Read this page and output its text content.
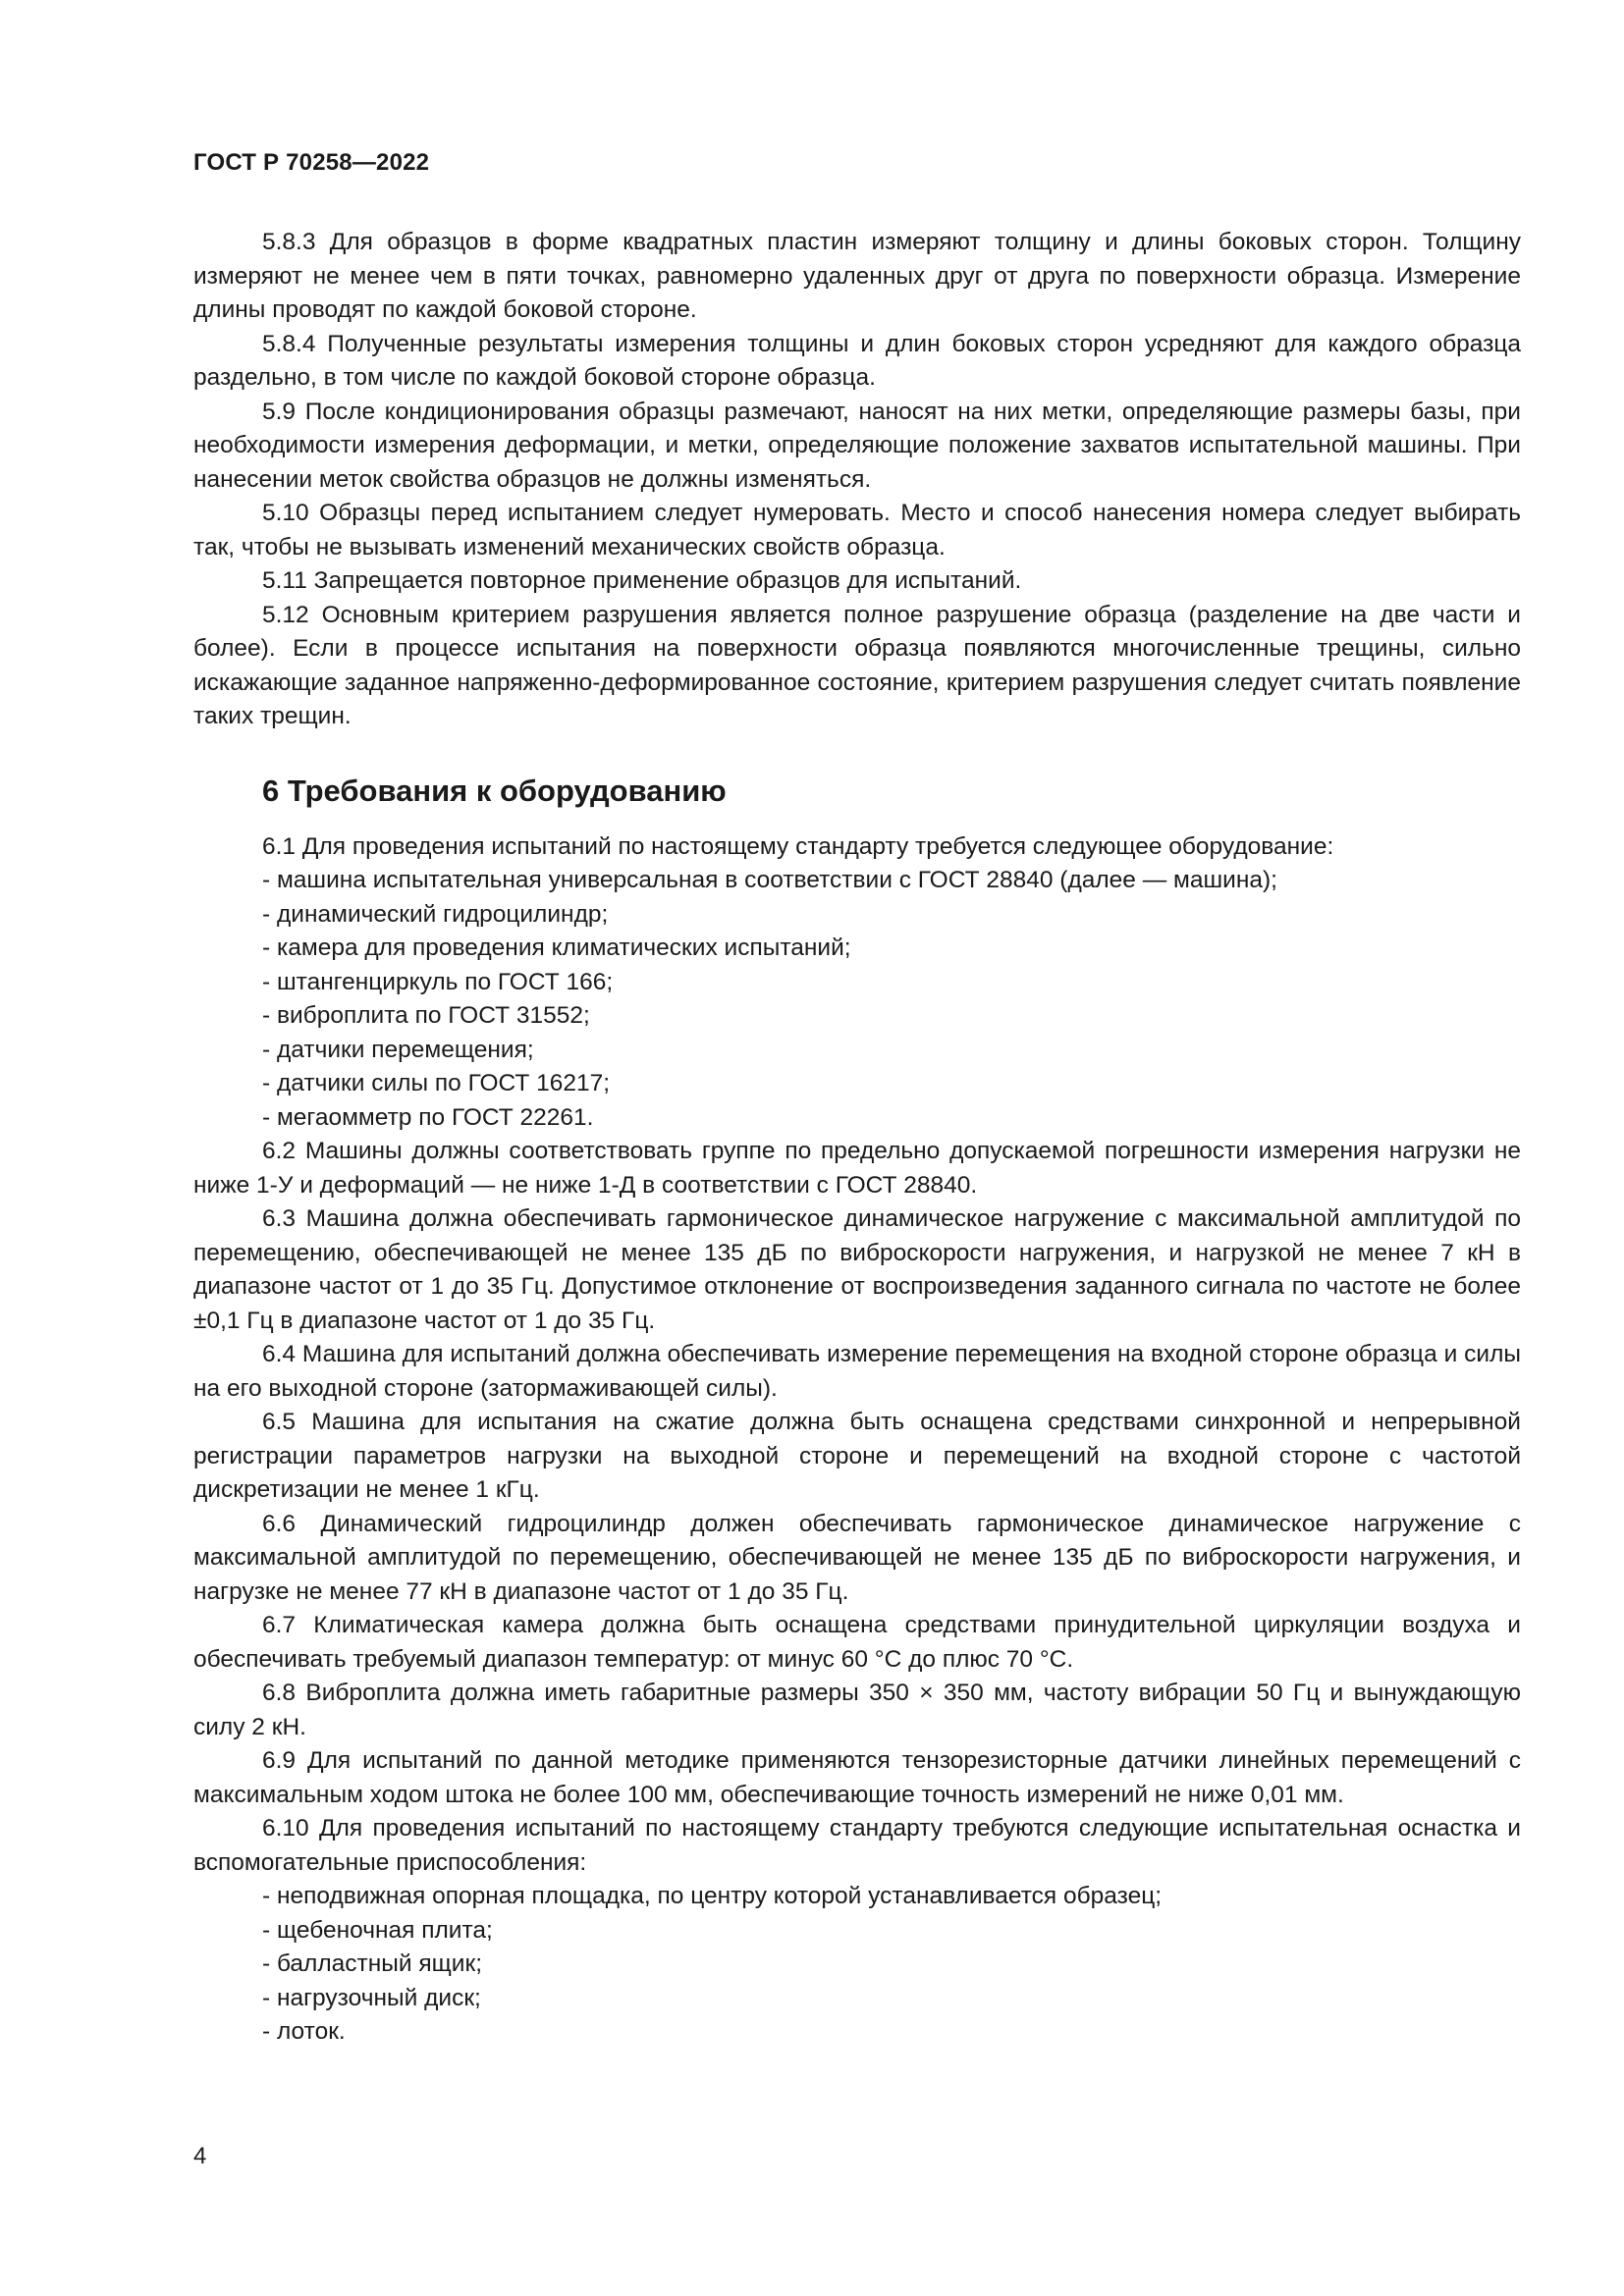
ГОСТ Р 70258—2022

5.8.3 Для образцов в форме квадратных пластин измеряют толщину и длины боковых сторон. Толщину измеряют не менее чем в пяти точках, равномерно удаленных друг от друга по поверхности образца. Измерение длины проводят по каждой боковой стороне.

5.8.4 Полученные результаты измерения толщины и длин боковых сторон усредняют для каждого образца раздельно, в том числе по каждой боковой стороне образца.

5.9 После кондиционирования образцы размечают, наносят на них метки, определяющие размеры базы, при необходимости измерения деформации, и метки, определяющие положение захватов испытательной машины. При нанесении меток свойства образцов не должны изменяться.

5.10 Образцы перед испытанием следует нумеровать. Место и способ нанесения номера следует выбирать так, чтобы не вызывать изменений механических свойств образца.

5.11 Запрещается повторное применение образцов для испытаний.

5.12 Основным критерием разрушения является полное разрушение образца (разделение на две части и более). Если в процессе испытания на поверхности образца появляются многочисленные трещины, сильно искажающие заданное напряженно-деформированное состояние, критерием разрушения следует считать появление таких трещин.

6 Требования к оборудованию

6.1 Для проведения испытаний по настоящему стандарту требуется следующее оборудование:

- машина испытательная универсальная в соответствии с ГОСТ 28840 (далее — машина);

- динамический гидроцилиндр;

- камера для проведения климатических испытаний;

- штангенциркуль по ГОСТ 166;

- виброплита по ГОСТ 31552;

- датчики перемещения;

- датчики силы по ГОСТ 16217;

- мегаомметр по ГОСТ 22261.

6.2 Машины должны соответствовать группе по предельно допускаемой погрешности измерения нагрузки не ниже 1-У и деформаций — не ниже 1-Д в соответствии с ГОСТ 28840.

6.3 Машина должна обеспечивать гармоническое динамическое нагружение с максимальной амплитудой по перемещению, обеспечивающей не менее 135 дБ по виброскорости нагружения, и нагрузкой не менее 7 кН в диапазоне частот от 1 до 35 Гц. Допустимое отклонение от воспроизведения заданного сигнала по частоте не более ±0,1 Гц в диапазоне частот от 1 до 35 Гц.

6.4 Машина для испытаний должна обеспечивать измерение перемещения на входной стороне образца и силы на его выходной стороне (затормаживающей силы).

6.5 Машина для испытания на сжатие должна быть оснащена средствами синхронной и непрерывной регистрации параметров нагрузки на выходной стороне и перемещений на входной стороне с частотой дискретизации не менее 1 кГц.

6.6 Динамический гидроцилиндр должен обеспечивать гармоническое динамическое нагружение с максимальной амплитудой по перемещению, обеспечивающей не менее 135 дБ по виброскорости нагружения, и нагрузке не менее 77 кН в диапазоне частот от 1 до 35 Гц.

6.7 Климатическая камера должна быть оснащена средствами принудительной циркуляции воздуха и обеспечивать требуемый диапазон температур: от минус 60 °С до плюс 70 °С.

6.8 Виброплита должна иметь габаритные размеры 350 × 350 мм, частоту вибрации 50 Гц и вынуждающую силу 2 кН.

6.9 Для испытаний по данной методике применяются тензорезисторные датчики линейных перемещений с максимальным ходом штока не более 100 мм, обеспечивающие точность измерений не ниже 0,01 мм.

6.10 Для проведения испытаний по настоящему стандарту требуются следующие испытательная оснастка и вспомогательные приспособления:

- неподвижная опорная площадка, по центру которой устанавливается образец;

- щебеночная плита;

- балластный ящик;

- нагрузочный диск;

- лоток.

4
